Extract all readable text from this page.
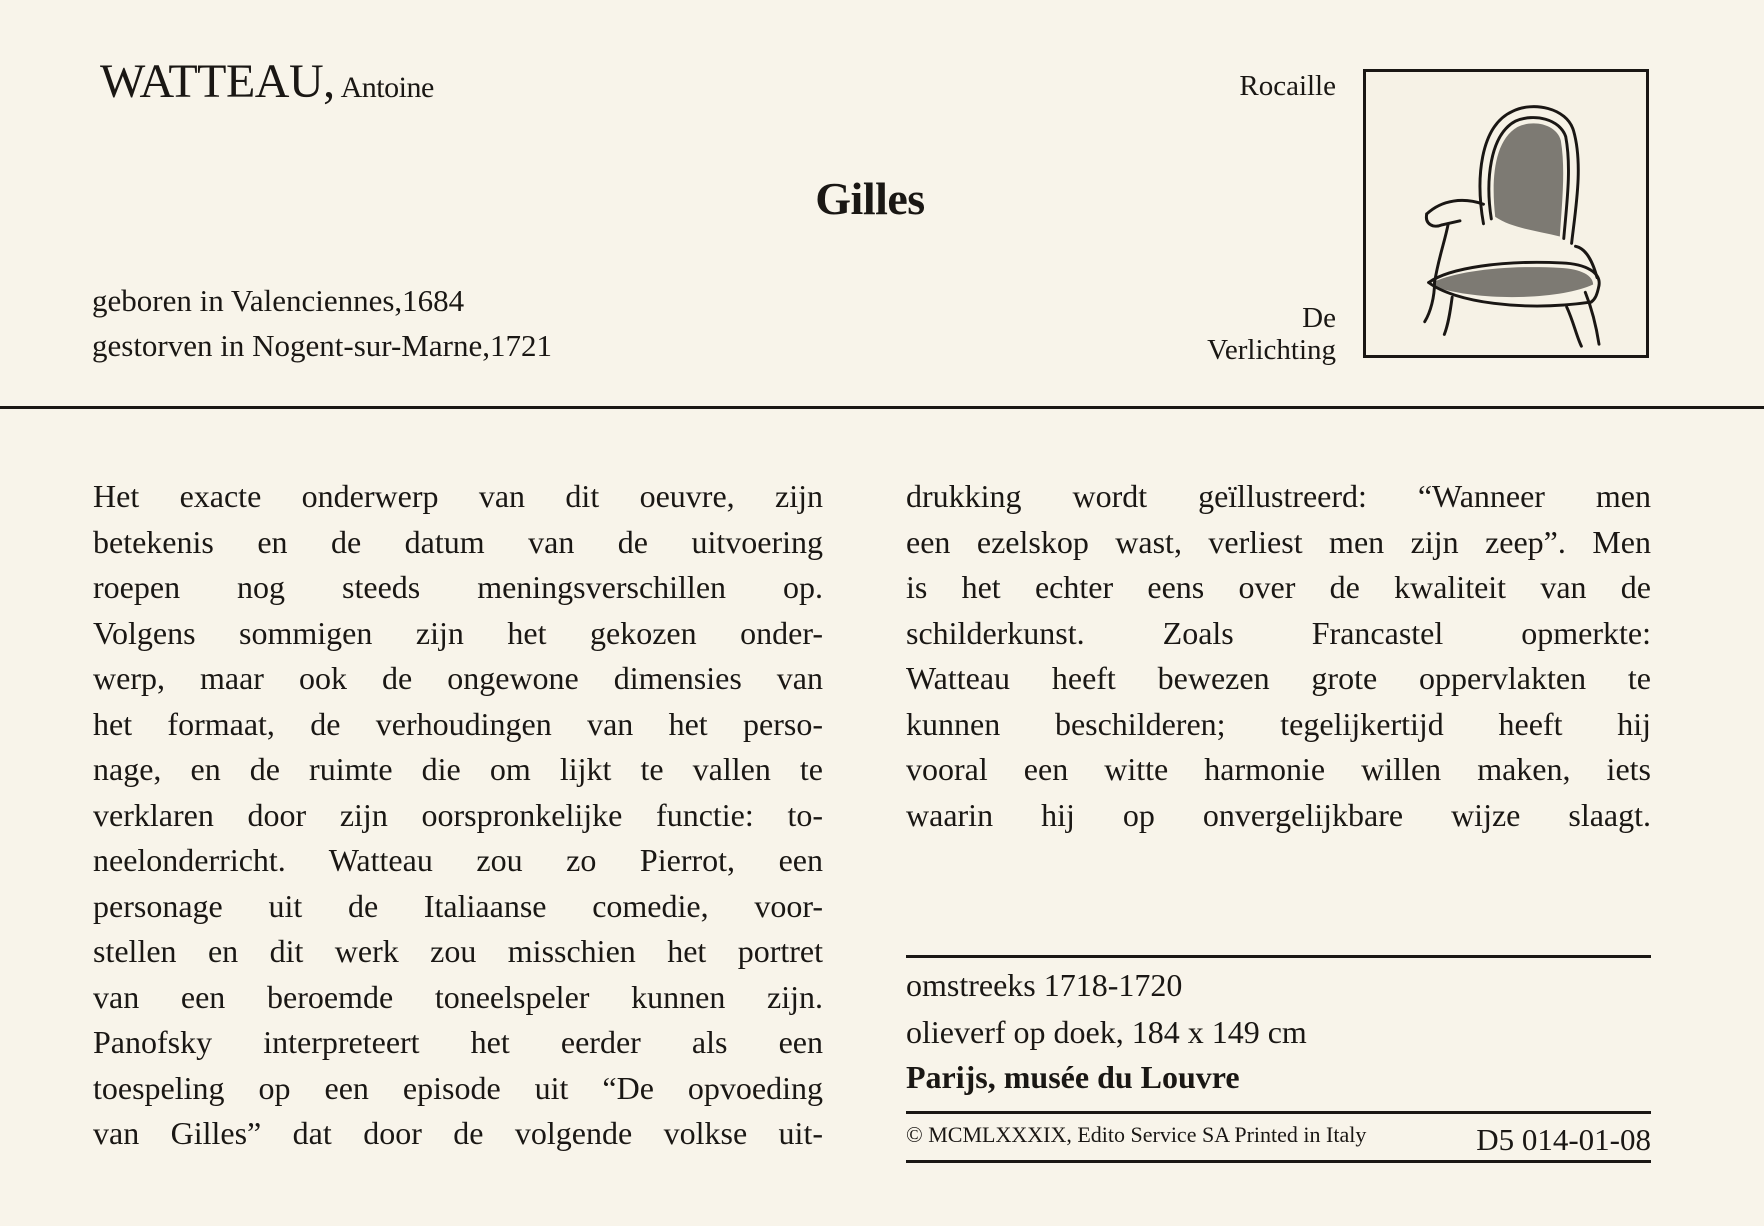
WATTEAU, Antoine
Gilles
geboren in Valenciennes,1684
gestorven in Nogent-sur-Marne,1721
Rocaille
De
Verlichting
Het exacte onderwerp van dit oeuvre, zijn
betekenis en de datum van de uitvoering
roepen nog steeds meningsverschillen op.
Volgens sommigen zijn het gekozen onder-
werp, maar ook de ongewone dimensies van
het formaat, de verhoudingen van het perso-
nage, en de ruimte die om lijkt te vallen te
verklaren door zijn oorspronkelijke functie: to-
neelonderricht. Watteau zou zo Pierrot, een
personage uit de Italiaanse comedie, voor-
stellen en dit werk zou misschien het portret
van een beroemde toneelspeler kunnen zijn.
Panofsky interpreteert het eerder als een
toespeling op een episode uit “De opvoeding
van Gilles” dat door de volgende volkse uit-
drukking wordt geïllustreerd: “Wanneer men
een ezelskop wast, verliest men zijn zeep”. Men
is het echter eens over de kwaliteit van de
schilderkunst. Zoals Francastel opmerkte:
Watteau heeft bewezen grote oppervlakten te
kunnen beschilderen; tegelijkertijd heeft hij
vooral een witte harmonie willen maken, iets
waarin hij op onvergelijkbare wijze slaagt.
omstreeks 1718-1720
olieverf op doek, 184 x 149 cm
Parijs, musée du Louvre
© MCMLXXXIX, Edito Service SA Printed in Italy	D5 014-01-08
